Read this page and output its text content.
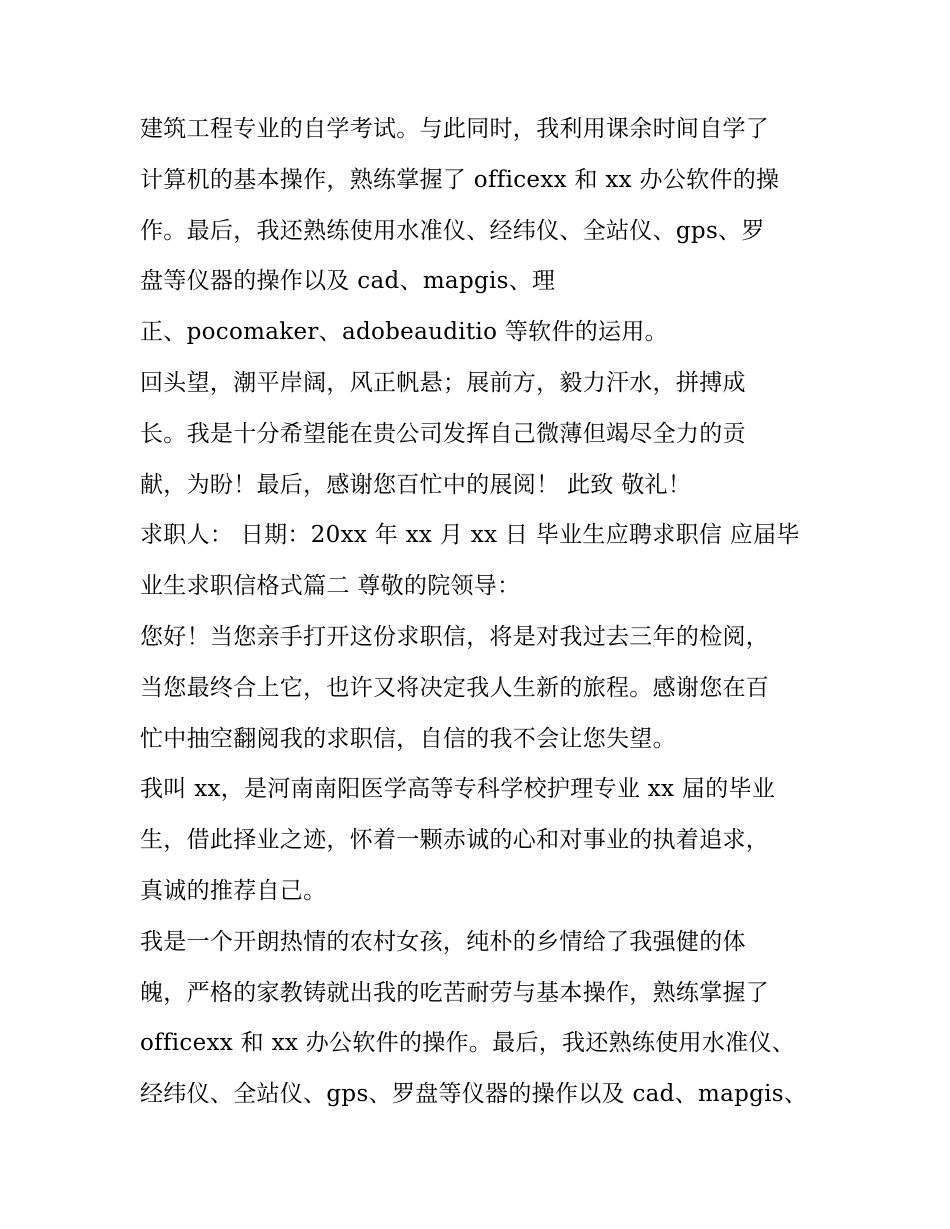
建筑工程专业的自学考试。与此同时，我利用课余时间自学了
计算机的基本操作，熟练掌握了 officexx 和 xx 办公软件的操
作。最后，我还熟练使用水准仪、经纬仪、全站仪、gps、罗
盘等仪器的操作以及 cad、mapgis、理
正、pocomaker、adobeauditio 等软件的运用。
回头望，潮平岸阔，风正帆悬；展前方，毅力汗水，拼搏成
长。我是十分希望能在贵公司发挥自己微薄但竭尽全力的贡
献，为盼！最后，感谢您百忙中的展阅！ 此致 敬礼！
求职人： 日期：20xx 年 xx 月 xx 日 毕业生应聘求职信 应届毕
业生求职信格式篇二 尊敬的院领导：
您好！当您亲手打开这份求职信，将是对我过去三年的检阅，
当您最终合上它，也许又将决定我人生新的旅程。感谢您在百
忙中抽空翻阅我的求职信，自信的我不会让您失望。
我叫 xx，是河南南阳医学高等专科学校护理专业 xx 届的毕业
生，借此择业之迹，怀着一颗赤诚的心和对事业的执着追求，
真诚的推荐自己。
我是一个开朗热情的农村女孩，纯朴的乡情给了我强健的体
魄，严格的家教铸就出我的吃苦耐劳与基本操作，熟练掌握了
officexx 和 xx 办公软件的操作。最后，我还熟练使用水准仪、
经纬仪、全站仪、gps、罗盘等仪器的操作以及 cad、mapgis、
